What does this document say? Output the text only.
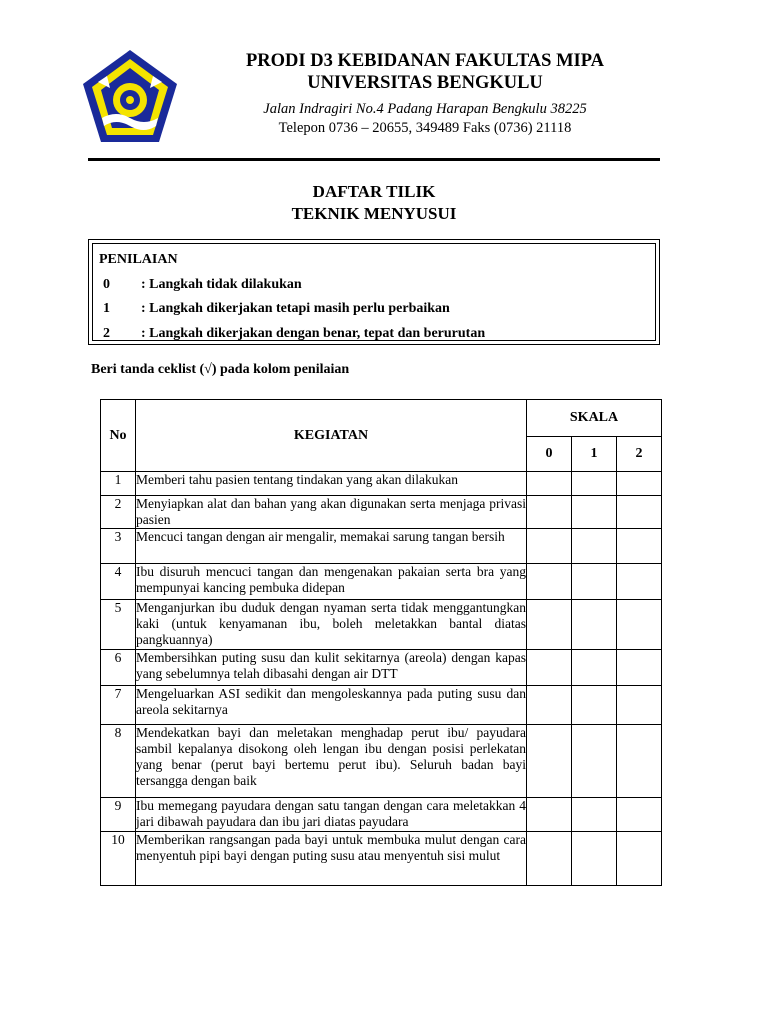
PRODI D3 KEBIDANAN FAKULTAS MIPA
UNIVERSITAS BENGKULU
Jalan Indragiri No.4 Padang Harapan Bengkulu 38225
Telepon 0736 – 20655, 349489 Faks (0736) 21118
DAFTAR TILIK
TEKNIK MENYUSUI
PENILAIAN
0 : Langkah tidak dilakukan
1 : Langkah dikerjakan tetapi masih perlu perbaikan
2 : Langkah dikerjakan dengan benar, tepat dan berurutan
Beri tanda ceklist (√) pada kolom penilaian
No	KEGIATAN	SKALA		
		0	1	2
1	Memberi tahu pasien tentang tindakan yang akan dilakukan			
2	Menyiapkan alat dan bahan yang akan digunakan serta menjaga privasi pasien			
3	Mencuci tangan dengan air mengalir, memakai sarung tangan bersih			
4	Ibu disuruh mencuci tangan dan mengenakan pakaian serta bra yang mempunyai kancing pembuka didepan			
5	Menganjurkan ibu duduk dengan nyaman serta tidak menggantungkan kaki (untuk kenyamanan ibu, boleh meletakkan bantal diatas pangkuannya)			
6	Membersihkan puting susu dan kulit sekitarnya (areola) dengan kapas yang sebelumnya telah dibasahi dengan air DTT			
7	Mengeluarkan ASI sedikit dan mengoleskannya pada puting susu dan areola sekitarnya			
8	Mendekatkan bayi dan meletakan menghadap perut ibu/ payudara sambil kepalanya disokong oleh lengan ibu dengan posisi perlekatan yang benar (perut bayi bertemu perut ibu). Seluruh badan bayi tersangga dengan baik			
9	Ibu memegang payudara dengan satu tangan dengan cara meletakkan 4 jari dibawah payudara dan ibu jari diatas payudara			
10	Memberikan rangsangan pada bayi untuk membuka mulut dengan cara menyentuh pipi bayi dengan puting susu atau menyentuh sisi mulut			
